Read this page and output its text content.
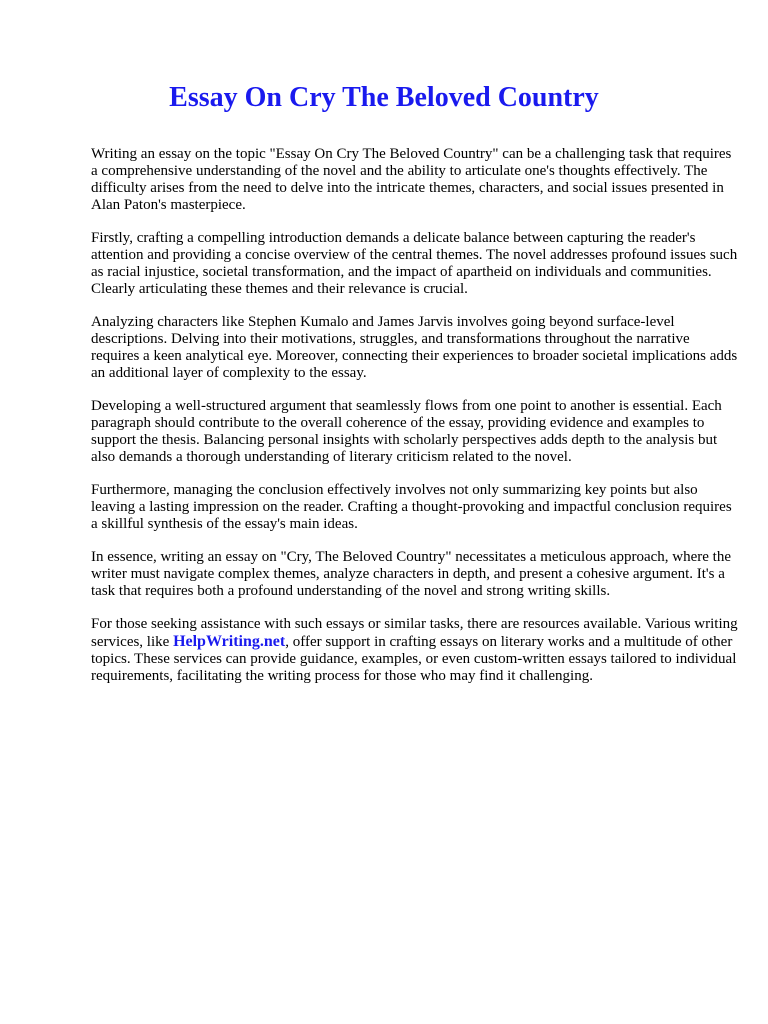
Essay On Cry The Beloved Country

Writing an essay on the topic "Essay On Cry The Beloved Country" can be a challenging task that requires a comprehensive understanding of the novel and the ability to articulate one's thoughts effectively. The difficulty arises from the need to delve into the intricate themes, characters, and social issues presented in Alan Paton's masterpiece.

Firstly, crafting a compelling introduction demands a delicate balance between capturing the reader's attention and providing a concise overview of the central themes. The novel addresses profound issues such as racial injustice, societal transformation, and the impact of apartheid on individuals and communities. Clearly articulating these themes and their relevance is crucial.

Analyzing characters like Stephen Kumalo and James Jarvis involves going beyond surface-level descriptions. Delving into their motivations, struggles, and transformations throughout the narrative requires a keen analytical eye. Moreover, connecting their experiences to broader societal implications adds an additional layer of complexity to the essay.

Developing a well-structured argument that seamlessly flows from one point to another is essential. Each paragraph should contribute to the overall coherence of the essay, providing evidence and examples to support the thesis. Balancing personal insights with scholarly perspectives adds depth to the analysis but also demands a thorough understanding of literary criticism related to the novel.

Furthermore, managing the conclusion effectively involves not only summarizing key points but also leaving a lasting impression on the reader. Crafting a thought-provoking and impactful conclusion requires a skillful synthesis of the essay's main ideas.

In essence, writing an essay on "Cry, The Beloved Country" necessitates a meticulous approach, where the writer must navigate complex themes, analyze characters in depth, and present a cohesive argument. It's a task that requires both a profound understanding of the novel and strong writing skills.

For those seeking assistance with such essays or similar tasks, there are resources available. Various writing services, like HelpWriting.net, offer support in crafting essays on literary works and a multitude of other topics. These services can provide guidance, examples, or even custom-written essays tailored to individual requirements, facilitating the writing process for those who may find it challenging.
